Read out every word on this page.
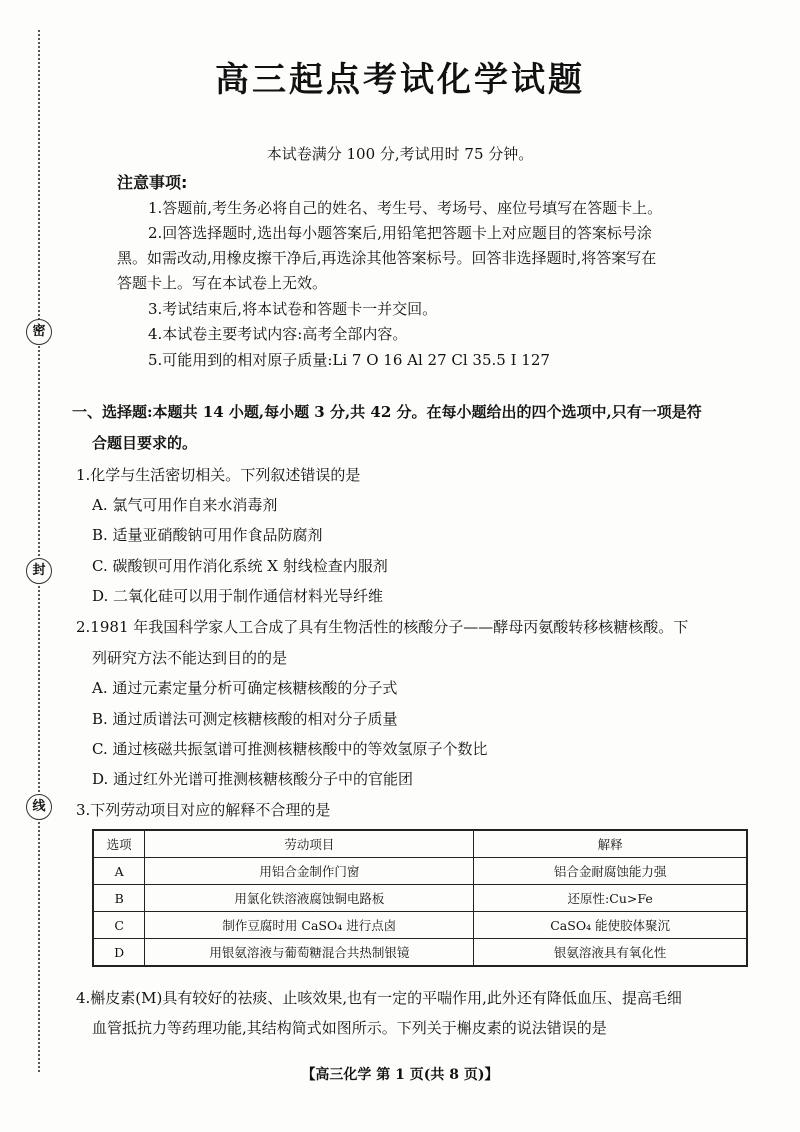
密
封
线
高三起点考试化学试题
本试卷满分 100 分,考试用时 75 分钟。
注意事项:
1.答题前,考生务必将自己的姓名、考生号、考场号、座位号填写在答题卡上。
2.回答选择题时,选出每小题答案后,用铅笔把答题卡上对应题目的答案标号涂
黑。如需改动,用橡皮擦干净后,再选涂其他答案标号。回答非选择题时,将答案写在
答题卡上。写在本试卷上无效。
3.考试结束后,将本试卷和答题卡一并交回。
4.本试卷主要考试内容:高考全部内容。
5.可能用到的相对原子质量:Li 7 O 16 Al 27 Cl 35.5 I 127
一、选择题:本题共 14 小题,每小题 3 分,共 42 分。在每小题给出的四个选项中,只有一项是符
合题目要求的。
1.化学与生活密切相关。下列叙述错误的是
A. 氯气可用作自来水消毒剂
B. 适量亚硝酸钠可用作食品防腐剂
C. 碳酸钡可用作消化系统 X 射线检查内服剂
D. 二氧化硅可以用于制作通信材料光导纤维
2.1981 年我国科学家人工合成了具有生物活性的核酸分子——酵母丙氨酸转移核糖核酸。下
列研究方法不能达到目的的是
A. 通过元素定量分析可确定核糖核酸的分子式
B. 通过质谱法可测定核糖核酸的相对分子质量
C. 通过核磁共振氢谱可推测核糖核酸中的等效氢原子个数比
D. 通过红外光谱可推测核糖核酸分子中的官能团
3.下列劳动项目对应的解释不合理的是
选项	劳动项目	解释
A	用铝合金制作门窗	铝合金耐腐蚀能力强
B	用氯化铁溶液腐蚀铜电路板	还原性:Cu>Fe
C	制作豆腐时用 CaSO₄ 进行点卤	CaSO₄ 能使胶体聚沉
D	用银氨溶液与葡萄糖混合共热制银镜	银氨溶液具有氧化性
4.槲皮素(M)具有较好的祛痰、止咳效果,也有一定的平喘作用,此外还有降低血压、提高毛细
血管抵抗力等药理功能,其结构简式如图所示。下列关于槲皮素的说法错误的是
【高三化学 第 1 页(共 8 页)】
